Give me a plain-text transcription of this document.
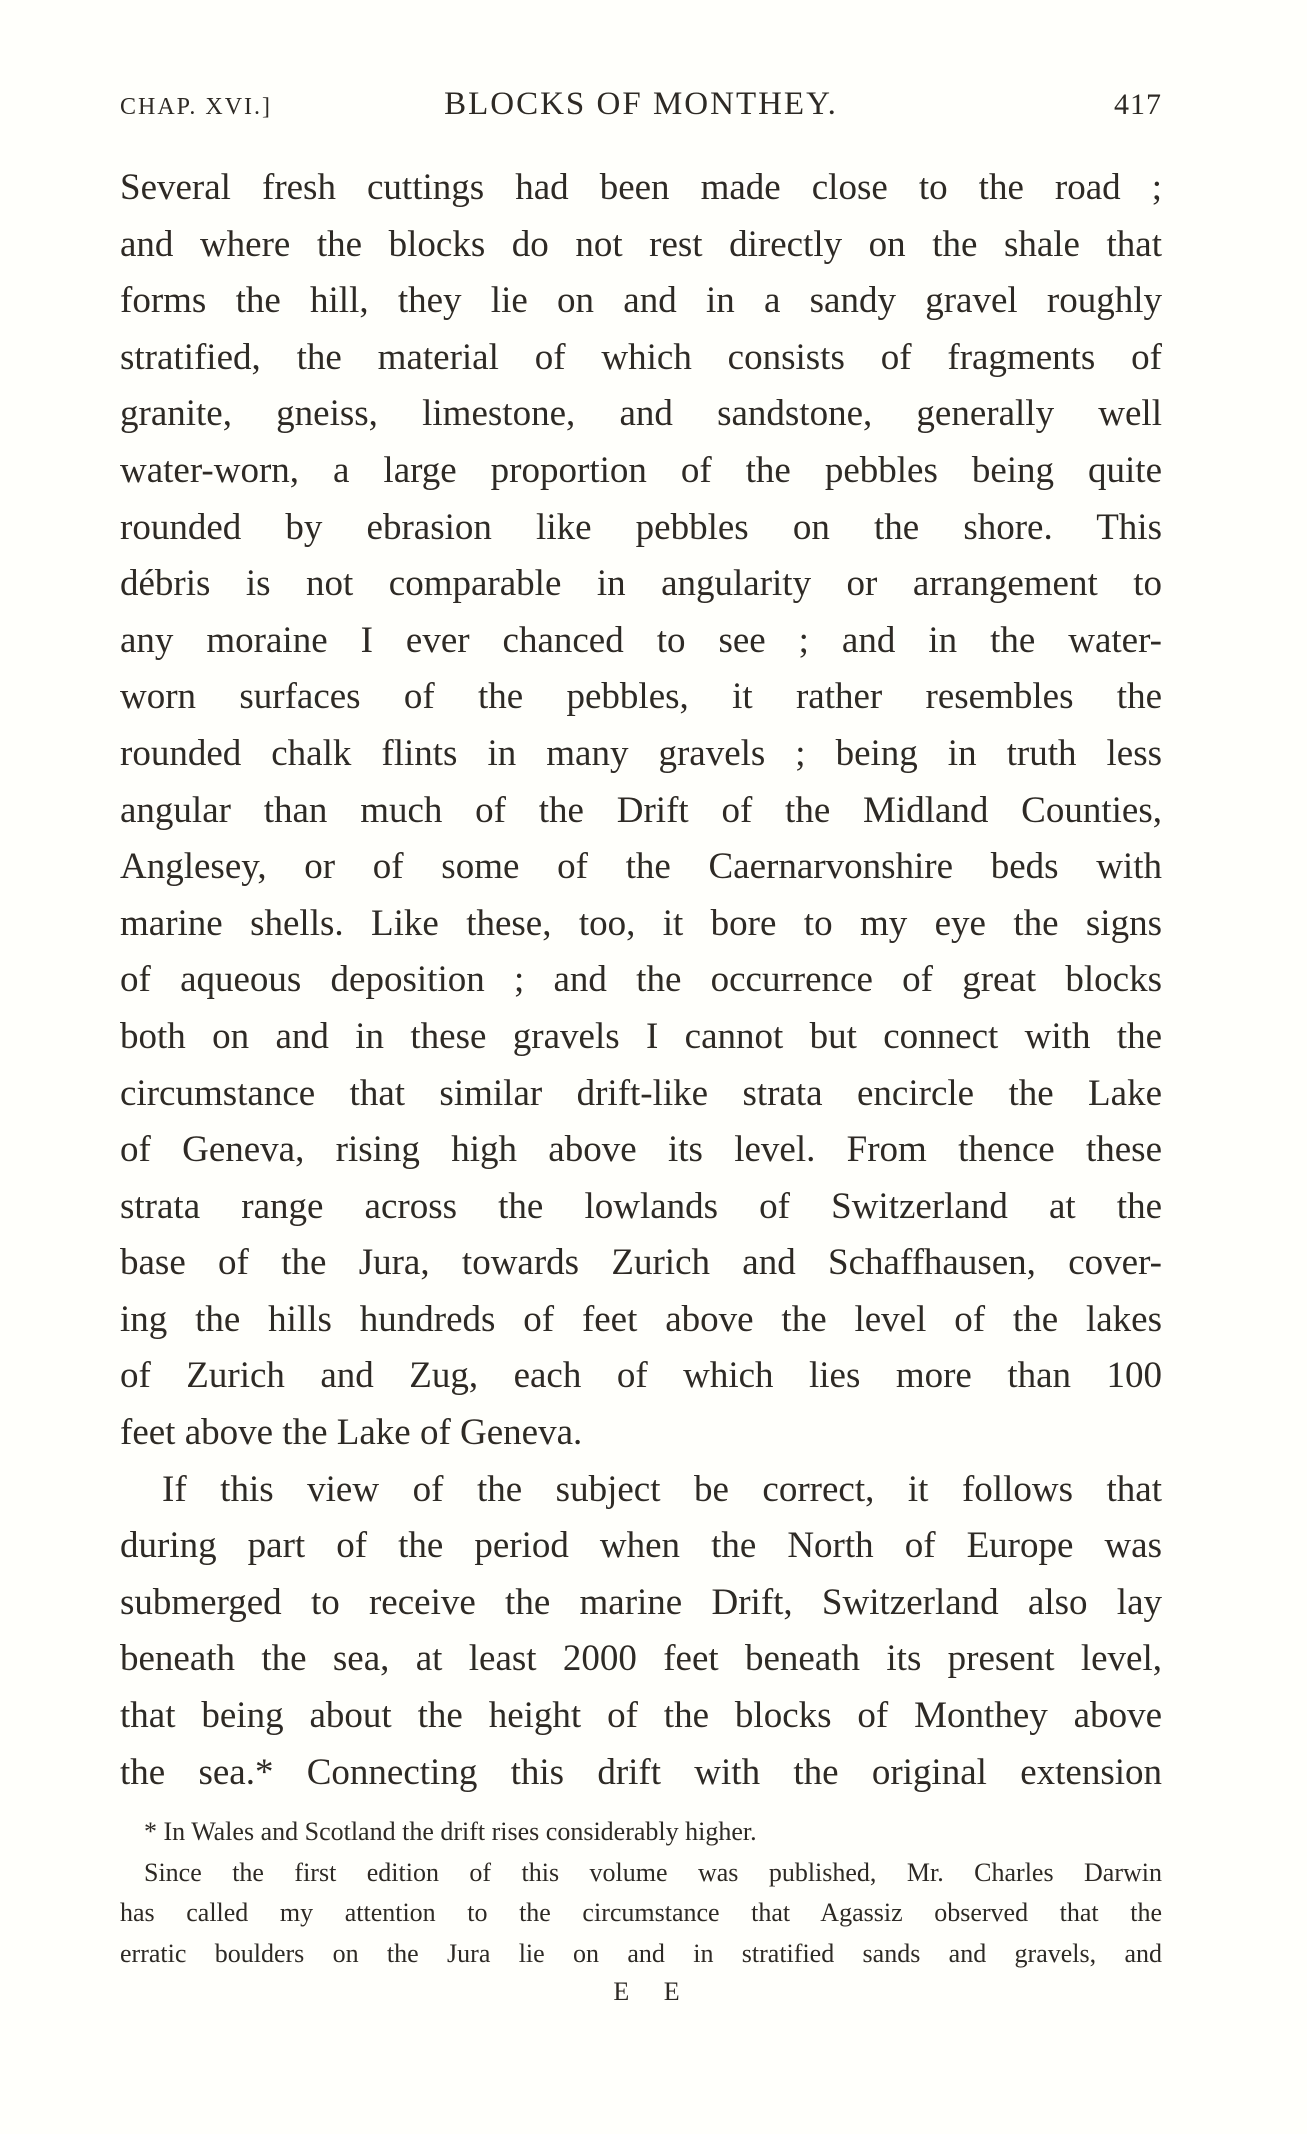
CHAP. XVI.]	BLOCKS OF MONTHEY.	417
Several fresh cuttings had been made close to the road ;
and where the blocks do not rest directly on the shale that
forms the hill, they lie on and in a sandy gravel roughly
stratified, the material of which consists of fragments of
granite, gneiss, limestone, and sandstone, generally well
water-worn, a large proportion of the pebbles being quite
rounded by ebrasion like pebbles on the shore. This
débris is not comparable in angularity or arrangement to
any moraine I ever chanced to see ; and in the water-
worn surfaces of the pebbles, it rather resembles the
rounded chalk flints in many gravels ; being in truth less
angular than much of the Drift of the Midland Counties,
Anglesey, or of some of the Caernarvonshire beds with
marine shells. Like these, too, it bore to my eye the signs
of aqueous deposition ; and the occurrence of great blocks
both on and in these gravels I cannot but connect with the
circumstance that similar drift-like strata encircle the Lake
of Geneva, rising high above its level. From thence these
strata range across the lowlands of Switzerland at the
base of the Jura, towards Zurich and Schaffhausen, cover-
ing the hills hundreds of feet above the level of the lakes
of Zurich and Zug, each of which lies more than 100
feet above the Lake of Geneva.
If this view of the subject be correct, it follows that
during part of the period when the North of Europe was
submerged to receive the marine Drift, Switzerland also lay
beneath the sea, at least 2000 feet beneath its present level,
that being about the height of the blocks of Monthey above
the sea.* Connecting this drift with the original extension
* In Wales and Scotland the drift rises considerably higher.
Since the first edition of this volume was published, Mr. Charles Darwin
has called my attention to the circumstance that Agassiz observed that the
erratic boulders on the Jura lie on and in stratified sands and gravels, and
E E
